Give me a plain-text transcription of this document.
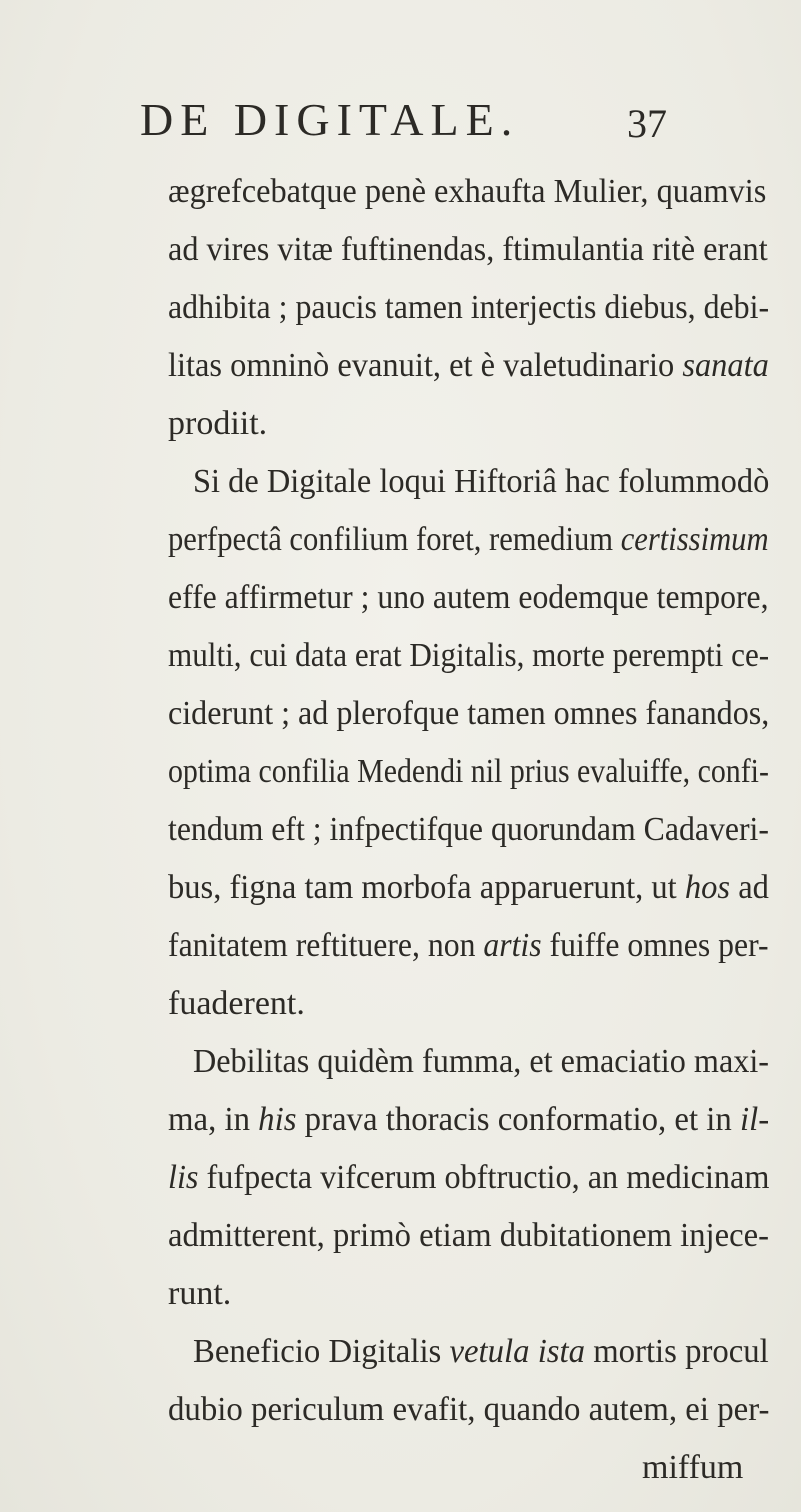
DE DIGITALE.	37
ægrefcebatque penè exhaufta Mulier, quamvis
ad vires vitæ fuftinendas, ftimulantia ritè erant
adhibita ; paucis tamen interjectis diebus, debi-
litas omninò evanuit, et è valetudinario sanata
prodiit.
Si de Digitale loqui Hiftoriâ hac folummodò
perfpectâ confilium foret, remedium certissimum
effe affirmetur ; uno autem eodemque tempore,
multi, cui data erat Digitalis, morte perempti ce-
ciderunt ; ad plerofque tamen omnes fanandos,
optima confilia Medendi nil prius evaluiffe, confi-
tendum eft ; infpectifque quorundam Cadaveri-
bus, figna tam morbofa apparuerunt, ut hos ad
fanitatem reftituere, non artis fuiffe omnes per-
fuaderent.
Debilitas quidèm fumma, et emaciatio maxi-
ma, in his prava thoracis conformatio, et in il-
lis fufpecta vifcerum obftructio, an medicinam
admitterent, primò etiam dubitationem injece-
runt.
Beneficio Digitalis vetula ista mortis procul
dubio periculum evafit, quando autem, ei per-
miffum
